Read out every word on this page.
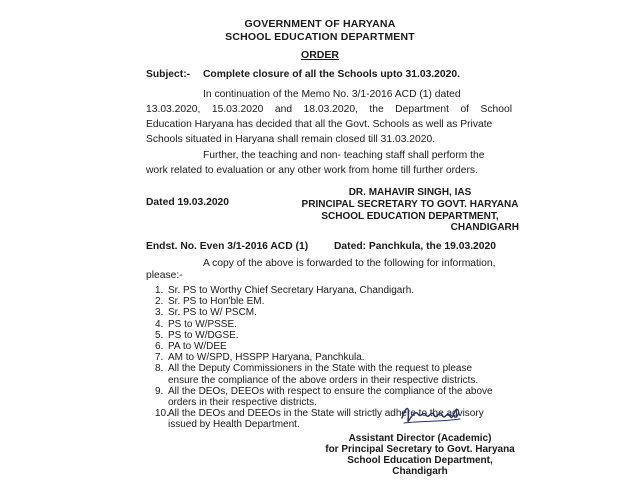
GOVERNMENT OF HARYANA
SCHOOL EDUCATION DEPARTMENT
ORDER
Subject:- Complete closure of all the Schools upto 31.03.2020.
In continuation of the Memo No. 3/1-2016 ACD (1) dated
13.03.2020, 15.03.2020 and 18.03.2020, the Department of School
Education Haryana has decided that all the Govt. Schools as well as Private
Schools situated in Haryana shall remain closed till 31.03.2020.
Further, the teaching and non- teaching staff shall perform the
work related to evaluation or any other work from home till further orders.
Dated 19.03.2020
DR. MAHAVIR SINGH, IAS
PRINCIPAL SECRETARY TO GOVT. HARYANA
SCHOOL EDUCATION DEPARTMENT,
CHANDIGARH
Endst. No. Even 3/1-2016 ACD (1)	Dated: Panchkula, the 19.03.2020
A copy of the above is forwarded to the following for information,
please:-
1. Sr. PS to Worthy Chief Secretary Haryana, Chandigarh.
2. Sr. PS to Hon'ble EM.
3. Sr. PS to W/ PSCM.
4. PS to W/PSSE.
5. PS to W/DGSE.
6. PA to W/DEE
7. AM to W/SPD, HSSPP Haryana, Panchkula.
8. All the Deputy Commissioners in the State with the request to please ensure the compliance of the above orders in their respective districts.
9. All the DEOs, DEEOs with respect to ensure the compliance of the above orders in their respective districts.
10. All the DEOs and DEEOs in the State will strictly adhere to the advisory issued by Health Department.
Assistant Director (Academic)
for Principal Secretary to Govt. Haryana
School Education Department,
Chandigarh
